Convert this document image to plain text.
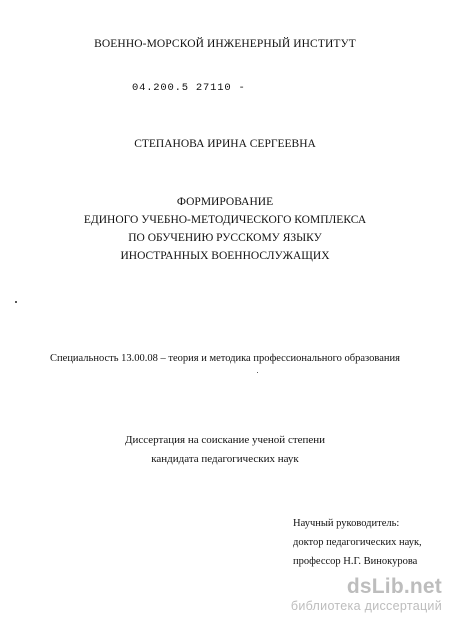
ВОЕННО-МОРСКОЙ ИНЖЕНЕРНЫЙ ИНСТИТУТ
04.200.5 27110 -
СТЕПАНОВА ИРИНА СЕРГЕЕВНА
ФОРМИРОВАНИЕ
ЕДИНОГО УЧЕБНО-МЕТОДИЧЕСКОГО КОМПЛЕКСА
ПО ОБУЧЕНИЮ РУССКОМУ ЯЗЫКУ
ИНОСТРАННЫХ ВОЕННОСЛУЖАЩИХ
Специальность 13.00.08 – теория и методика профессионального образования
Диссертация на соискание ученой степени
кандидата педагогических наук
Научный руководитель:
доктор педагогических наук,
профессор Н.Г. Винокурова
dsLib.net
библиотека диссертаций
